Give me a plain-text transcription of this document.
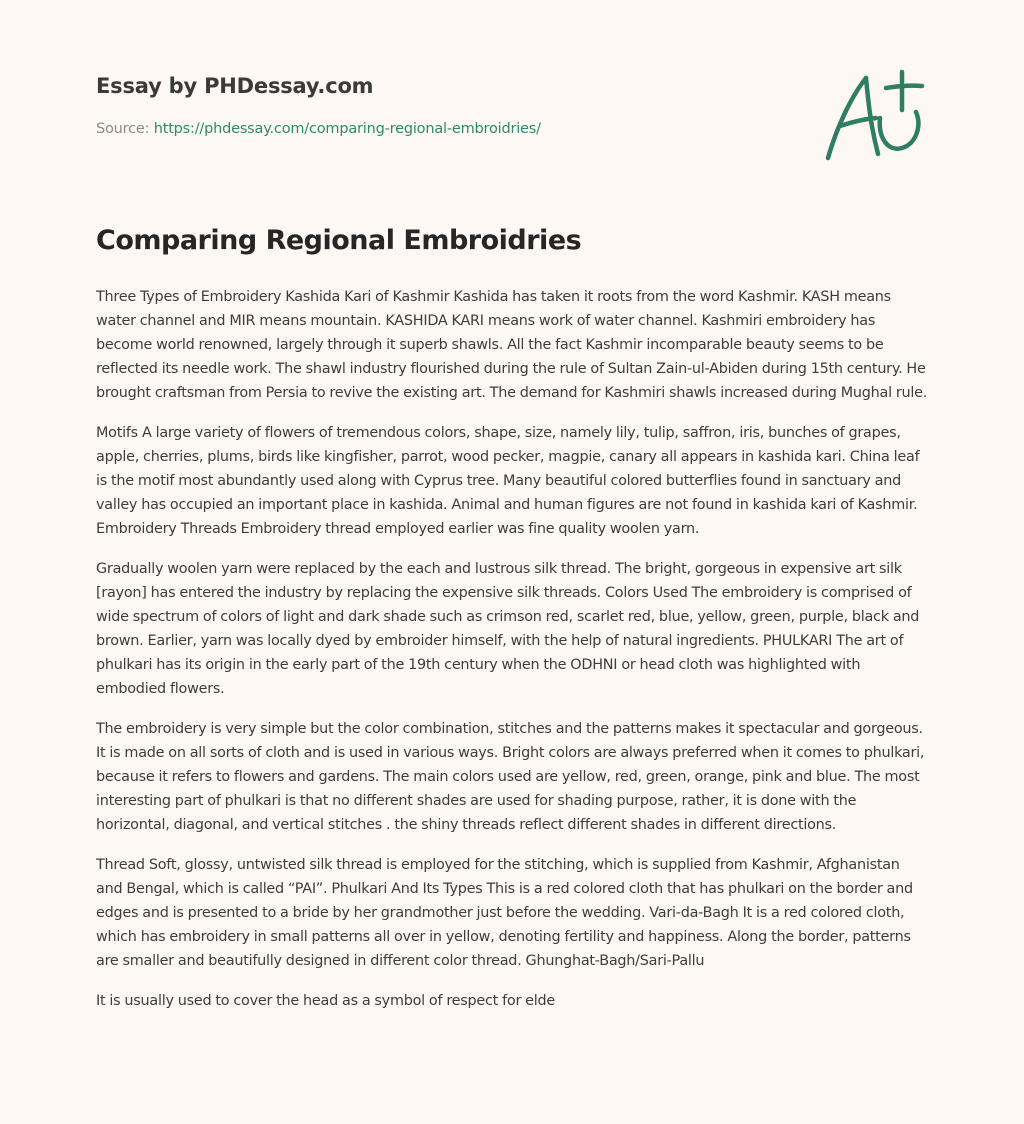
Essay by PHDessay.com
Source: https://phdessay.com/comparing-regional-embroidries/
Comparing Regional Embroidries

Three Types of Embroidery Kashida Kari of Kashmir Kashida has taken it roots from the word Kashmir. KASH means water channel and MIR means mountain. KASHIDA KARI means work of water channel. Kashmiri embroidery has become world renowned, largely through it superb shawls. All the fact Kashmir incomparable beauty seems to be reflected its needle work. The shawl industry flourished during the rule of Sultan Zain-ul-Abiden during 15th century. He brought craftsman from Persia to revive the existing art. The demand for Kashmiri shawls increased during Mughal rule.

Motifs A large variety of flowers of tremendous colors, shape, size, namely lily, tulip, saffron, iris, bunches of grapes, apple, cherries, plums, birds like kingfisher, parrot, wood pecker, magpie, canary all appears in kashida kari. China leaf is the motif most abundantly used along with Cyprus tree. Many beautiful colored butterflies found in sanctuary and valley has occupied an important place in kashida. Animal and human figures are not found in kashida kari of Kashmir. Embroidery Threads Embroidery thread employed earlier was fine quality woolen yarn.

Gradually woolen yarn were replaced by the each and lustrous silk thread. The bright, gorgeous in expensive art silk [rayon] has entered the industry by replacing the expensive silk threads. Colors Used The embroidery is comprised of wide spectrum of colors of light and dark shade such as crimson red, scarlet red, blue, yellow, green, purple, black and brown. Earlier, yarn was locally dyed by embroider himself, with the help of natural ingredients. PHULKARI The art of phulkari has its origin in the early part of the 19th century when the ODHNI or head cloth was highlighted with embodied flowers.

The embroidery is very simple but the color combination, stitches and the patterns makes it spectacular and gorgeous. It is made on all sorts of cloth and is used in various ways. Bright colors are always preferred when it comes to phulkari, because it refers to flowers and gardens. The main colors used are yellow, red, green, orange, pink and blue. The most interesting part of phulkari is that no different shades are used for shading purpose, rather, it is done with the horizontal, diagonal, and vertical stitches . the shiny threads reflect different shades in different directions.

Thread Soft, glossy, untwisted silk thread is employed for the stitching, which is supplied from Kashmir, Afghanistan and Bengal, which is called “PAI”. Phulkari And Its Types This is a red colored cloth that has phulkari on the border and edges and is presented to a bride by her grandmother just before the wedding. Vari-da-Bagh It is a red colored cloth, which has embroidery in small patterns all over in yellow, denoting fertility and happiness. Along the border, patterns are smaller and beautifully designed in different color thread. Ghunghat-Bagh/Sari-Pallu

It is usually used to cover the head as a symbol of respect for elde
